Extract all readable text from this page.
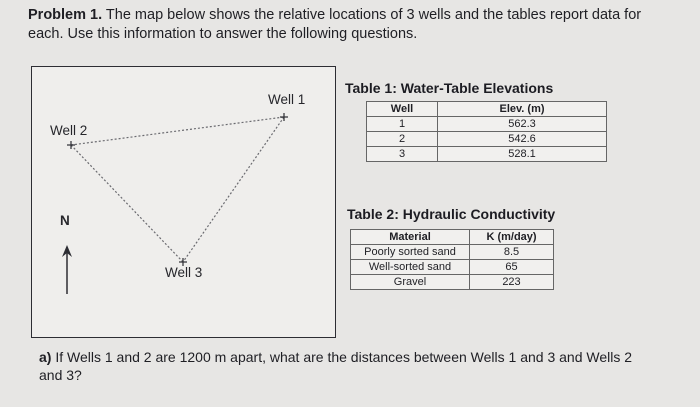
Problem 1. The map below shows the relative locations of 3 wells and the tables report data for each. Use this information to answer the following questions.
Well 1
Well 2
Well 3
N
Table 1: Water-Table Elevations
Well	Elev. (m)
1	562.3
2	542.6
3	528.1
Table 2: Hydraulic Conductivity
Material	K (m/day)
Poorly sorted sand	8.5
Well-sorted sand	65
Gravel	223
a) If Wells 1 and 2 are 1200 m apart, what are the distances between Wells 1 and 3 and Wells 2 and 3?
